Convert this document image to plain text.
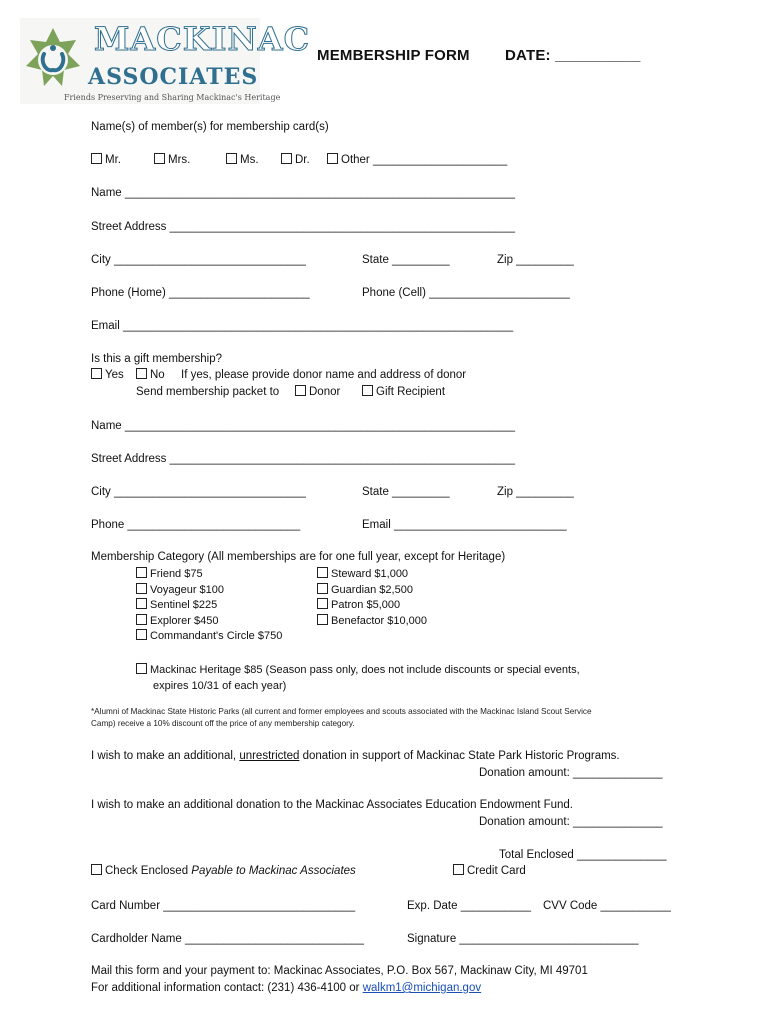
MACKINAC
ASSOCIATES
Friends Preserving and Sharing Mackinac's Heritage
MEMBERSHIP FORM DATE: __________
Name(s) of member(s) for membership card(s)
Mr.	Mrs.	Ms.	Dr.	Other _____________________
Name _____________________________________________________________
Street Address ______________________________________________________
City ______________________________	State _________	Zip _________
Phone (Home) ______________________	Phone (Cell) ______________________
Email _____________________________________________________________
Is this a gift membership?
Yes	No If yes, please provide donor name and address of donor
Send membership packet to	Donor	Gift Recipient
Name _____________________________________________________________
Street Address ______________________________________________________
City ______________________________	State _________	Zip _________
Phone ___________________________	Email ___________________________
Membership Category (All memberships are for one full year, except for Heritage)
Friend $75
Voyageur $100
Sentinel $225
Explorer $450
Commandant's Circle $750
Steward $1,000
Guardian $2,500
Patron $5,000
Benefactor $10,000
Mackinac Heritage $85 (Season pass only, does not include discounts or special events,
expires 10/31 of each year)
*Alumni of Mackinac State Historic Parks (all current and former employees and scouts associated with the Mackinac Island Scout Service
Camp) receive a 10% discount off the price of any membership category.
I wish to make an additional, unrestricted donation in support of Mackinac State Park Historic Programs.
Donation amount: ______________
I wish to make an additional donation to the Mackinac Associates Education Endowment Fund.
Donation amount: ______________
Total Enclosed ______________
Check Enclosed Payable to Mackinac Associates	Credit Card
Card Number ______________________________	Exp. Date ___________ CVV Code ___________
Cardholder Name ____________________________	Signature ____________________________
Mail this form and your payment to: Mackinac Associates, P.O. Box 567, Mackinaw City, MI 49701
For additional information contact: (231) 436-4100 or walkm1@michigan.gov
